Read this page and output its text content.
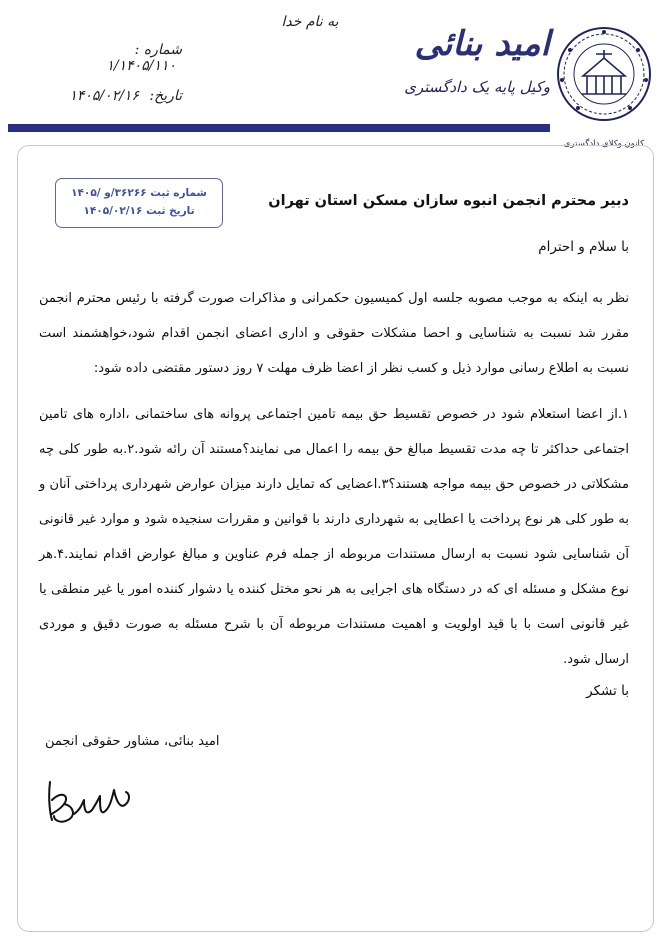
کانون وکلای دادگستری
امید بنائی
وکیل پایه یک دادگستری
به نام خدا
شماره : ۱/۱۴۰۵/۱۱۰
تاریخ: ۱۴۰۵/۰۲/۱۶
شماره ثبت ۳۶۲۶۶/و /۱۴۰۵
تاریخ ثبت ۱۴۰۵/۰۲/۱۶
دبیر محترم انجمن انبوه سازان مسکن استان تهران
با سلام و احترام
نظر به اینکه به موجب مصوبه جلسه اول کمیسیون حکمرانی و مذاکرات صورت گرفته با رئیس محترم انجمن مقرر شد نسبت به شناسایی و احصا مشکلات حقوقی و اداری اعضای انجمن اقدام شود،خواهشمند است نسبت به اطلاع رسانی موارد ذیل و کسب نظر از اعضا ظرف مهلت ۷ روز دستور مقتضی داده شود:
۱.از اعضا استعلام شود در خصوص تقسیط حق بیمه تامین اجتماعی پروانه های ساختمانی ،اداره های تامین اجتماعی حداکثر تا چه مدت تقسیط مبالغ حق بیمه را اعمال می نمایند؟مستند آن رائه شود.۲.به طور کلی چه مشکلاتی در خصوص حق بیمه مواجه هستند؟۳.اعضایی که تمایل دارند میزان عوارض شهرداری پرداختی آنان و به طور کلی هر نوع پرداخت یا اعطایی به شهرداری دارند با قوانین و مقررات سنجیده شود و موارد غیر قانونی آن شناسایی شود نسبت به ارسال مستندات مربوطه از جمله فرم عناوین و مبالغ عوارض اقدام نمایند.۴.هر نوع مشکل و مسئله ای که در دستگاه های اجرایی به هر نحو مختل کننده یا دشوار کننده امور یا غیر منطقی یا غیر قانونی است با با قید اولویت و اهمیت مستندات مربوطه آن با شرح مسئله به صورت دقیق و موردی ارسال شود.
با تشکر
امید بنائی، مشاور حقوقی انجمن
